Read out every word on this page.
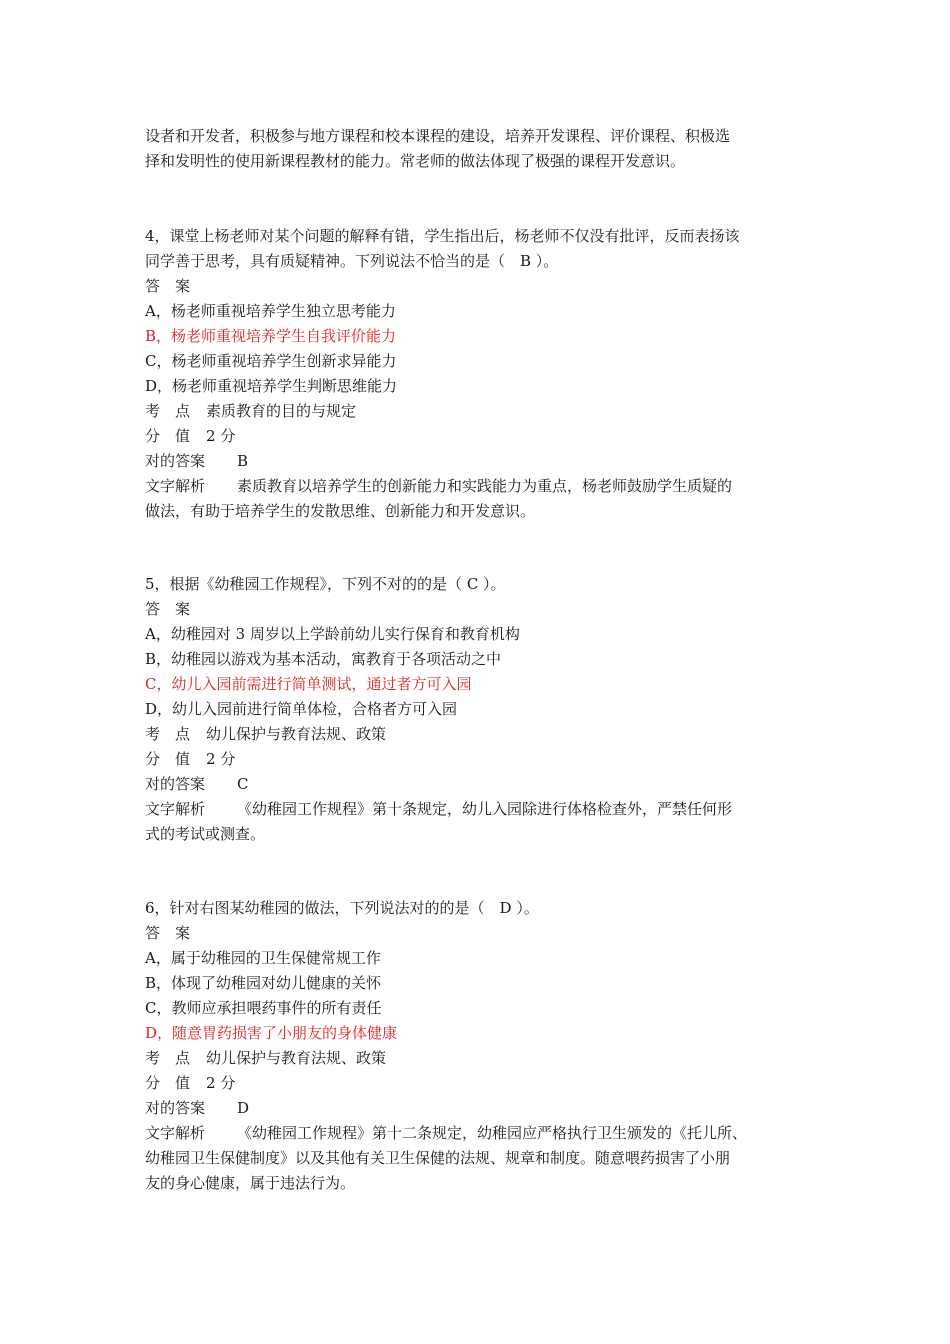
设者和开发者，积极参与地方课程和校本课程的建设，培养开发课程、评价课程、积极选
择和发明性的使用新课程教材的能力。常老师的做法体现了极强的课程开发意识。
4，课堂上杨老师对某个问题的解释有错，学生指出后，杨老师不仅没有批评，反而表扬该
同学善于思考，具有质疑精神。下列说法不恰当的是（　B ）。
答　案
A，杨老师重视培养学生独立思考能力
B，杨老师重视培养学生自我评价能力
C，杨老师重视培养学生创新求异能力
D，杨老师重视培养学生判断思维能力
考　点 素质教育的目的与规定
分　值 2 分
对的答案 B
文字解析 素质教育以培养学生的创新能力和实践能力为重点，杨老师鼓励学生质疑的
做法，有助于培养学生的发散思维、创新能力和开发意识。
5，根据《幼稚园工作规程》，下列不对的的是（ C ）。
答　案
A，幼稚园对 3 周岁以上学龄前幼儿实行保育和教育机构
B，幼稚园以游戏为基本活动，寓教育于各项活动之中
C，幼儿入园前需进行简单测试，通过者方可入园
D，幼儿入园前进行简单体检，合格者方可入园
考　点 幼儿保护与教育法规、政策
分　值 2 分
对的答案 C
文字解析 《幼稚园工作规程》第十条规定，幼儿入园除进行体格检查外，严禁任何形
式的考试或测查。
6，针对右图某幼稚园的做法，下列说法对的的是（　D ）。
答　案
A，属于幼稚园的卫生保健常规工作
B，体现了幼稚园对幼儿健康的关怀
C，教师应承担喂药事件的所有责任
D，随意胃药损害了小朋友的身体健康
考　点 幼儿保护与教育法规、政策
分　值 2 分
对的答案 D
文字解析 《幼稚园工作规程》第十二条规定，幼稚园应严格执行卫生颁发的《托儿所、
幼稚园卫生保健制度》以及其他有关卫生保健的法规、规章和制度。随意喂药损害了小朋
友的身心健康，属于违法行为。
